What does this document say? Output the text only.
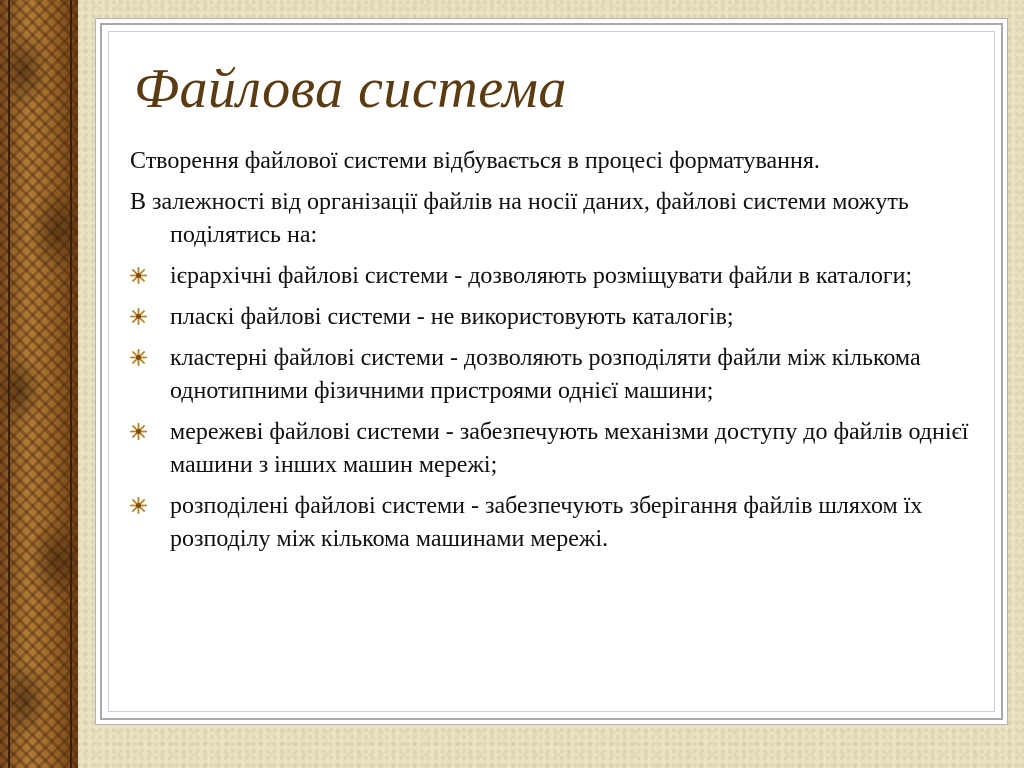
Файлова система
Створення файлової системи відбувається в процесі форматування.
В залежності від організації файлів на носії даних, файлові системи можуть поділятись на:
ієрархічні файлові системи - дозволяють розміщувати файли в каталоги;
пласкі файлові системи - не використовують каталогів;
кластерні файлові системи - дозволяють розподіляти файли між кількома однотипними фізичними пристроями однієї машини;
мережеві файлові системи - забезпечують механізми доступу до файлів однієї машини з інших машин мережі;
розподілені файлові системи - забезпечують зберігання файлів шляхом їх розподілу між кількома машинами мережі.
